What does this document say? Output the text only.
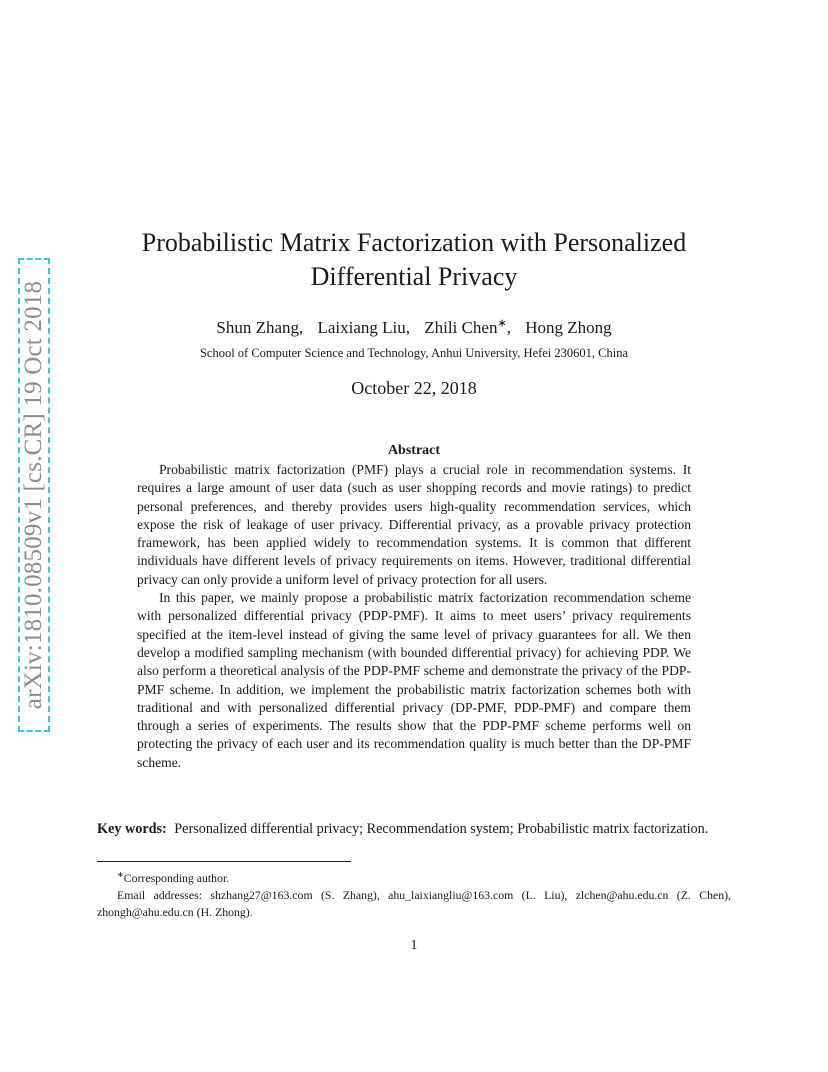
arXiv:1810.08509v1 [cs.CR] 19 Oct 2018
Probabilistic Matrix Factorization with Personalized
Differential Privacy
Shun Zhang, Laixiang Liu, Zhili Chen∗, Hong Zhong
School of Computer Science and Technology, Anhui University, Hefei 230601, China
October 22, 2018
Abstract

Probabilistic matrix factorization (PMF) plays a crucial role in recommendation systems. It requires a large amount of user data (such as user shopping records and movie ratings) to predict personal preferences, and thereby provides users high-quality recommendation services, which expose the risk of leakage of user privacy. Differential privacy, as a provable privacy protection framework, has been applied widely to recommendation systems. It is common that different individuals have different levels of privacy requirements on items. However, traditional differential privacy can only provide a uniform level of privacy protection for all users.

In this paper, we mainly propose a probabilistic matrix factorization recommendation scheme with personalized differential privacy (PDP-PMF). It aims to meet users’ privacy requirements specified at the item-level instead of giving the same level of privacy guarantees for all. We then develop a modified sampling mechanism (with bounded differential privacy) for achieving PDP. We also perform a theoretical analysis of the PDP-PMF scheme and demonstrate the privacy of the PDP-PMF scheme. In addition, we implement the probabilistic matrix factorization schemes both with traditional and with personalized differential privacy (DP-PMF, PDP-PMF) and compare them through a series of experiments. The results show that the PDP-PMF scheme performs well on protecting the privacy of each user and its recommendation quality is much better than the DP-PMF scheme.

Key words: Personalized differential privacy; Recommendation system; Probabilistic matrix factorization.

∗Corresponding author.

Email addresses: shzhang27@163.com (S. Zhang), ahu_laixiangliu@163.com (L. Liu), zlchen@ahu.edu.cn (Z. Chen), zhongh@ahu.edu.cn (H. Zhong).

1
